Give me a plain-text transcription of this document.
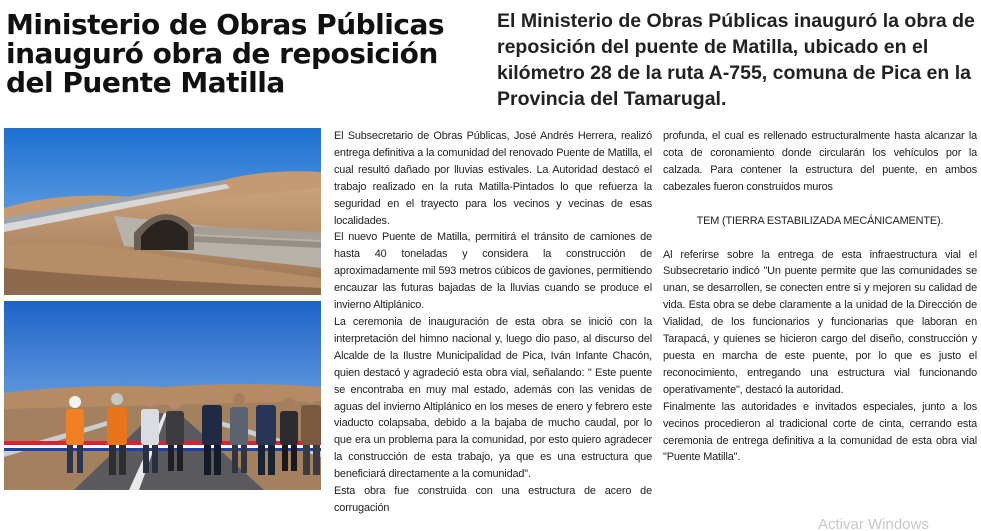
Ministerio de Obras Públicas inauguró obra de reposición del Puente Matilla
El Ministerio de Obras Públicas inauguró la obra de reposición del puente de Matilla, ubicado en el kilómetro 28 de la ruta A-755, comuna de Pica en la Provincia del Tamarugal.

El Subsecretario de Obras Públicas, José Andrés Herrera, realizó entrega definitiva a la comunidad del renovado Puente de Matilla, el cual resultó dañado por lluvias estivales. La Autoridad destacó el trabajo realizado en la ruta Matilla-Pintados lo que refuerza la seguridad en el trayecto para los vecinos y vecinas de esas localidades.

El nuevo Puente de Matilla, permitirá el tránsito de camiones de hasta 40 toneladas y considera la construcción de aproximadamente mil 593 metros cúbicos de gaviones, permitiendo encauzar las futuras bajadas de la lluvias cuando se produce el invierno Altiplánico.

La ceremonia de inauguración de esta obra se inició con la interpretación del himno nacional y, luego dio paso, al discurso del Alcalde de la Ilustre Municipalidad de Pica, Iván Infante Chacón, quien destacó y agradeció esta obra vial, señalando: " Este puente se encontraba en muy mal estado, además con las venidas de aguas del invierno Altiplánico en los meses de enero y febrero este viaducto colapsaba, debido a la bajaba de mucho caudal, por lo que era un problema para la comunidad, por esto quiero agradecer la construcción de esta trabajo, ya que es una estructura que beneficiará directamente a la comunidad".

Esta obra fue construida con una estructura de acero de corrugación

profunda, el cual es rellenado estructuralmente hasta alcanzar la cota de coronamiento donde circularán los vehículos por la calzada. Para contener la estructura del puente, en ambos cabezales fueron construidos muros

TEM (TIERRA ESTABILIZADA MECÁNICAMENTE).

Al referirse sobre la entrega de esta infraestructura vial el Subsecretario indicó "Un puente permite que las comunidades se unan, se desarrollen, se conecten entre si y mejoren su calidad de vida. Esta obra se debe claramente a la unidad de la Dirección de Vialidad, de los funcionarios y funcionarias que laboran en Tarapacá, y quienes se hicieron cargo del diseño, construcción y puesta en marcha de este puente, por lo que es justo el reconocimiento, entregando una estructura vial funcionando operativamente", destacó la autoridad.

Finalmente las autoridades e invitados especiales, junto a los vecinos procedieron al tradicional corte de cinta, cerrando esta ceremonia de entrega definitiva a la comunidad de esta obra vial "Puente Matilla".

Activar Windows
